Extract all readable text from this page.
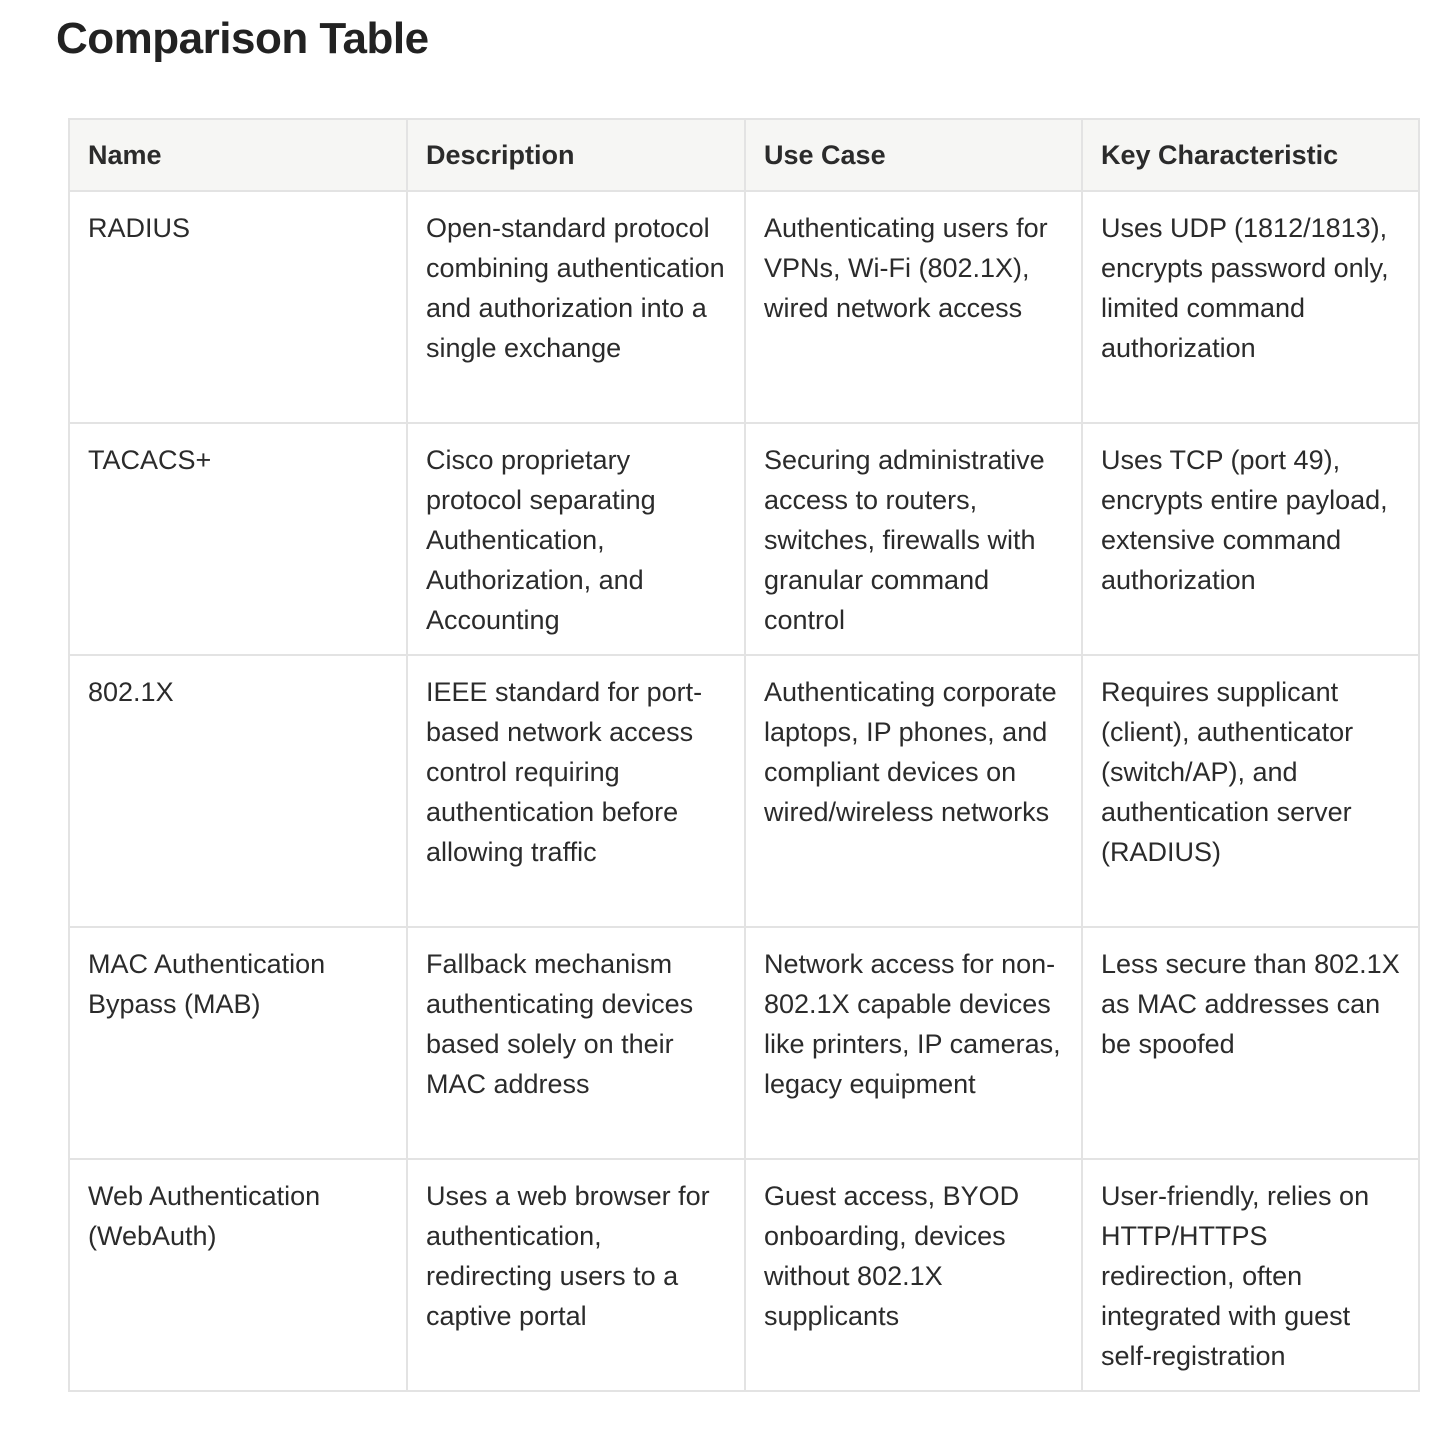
Comparison Table
Name	Description	Use Case	Key Characteristic
RADIUS	Open-standard protocol combining authentication and authorization into a single exchange	Authenticating users for VPNs, Wi-Fi (802.1X), wired network access	Uses UDP (1812/1813), encrypts password only, limited command authorization
TACACS+	Cisco proprietary protocol separating Authentication, Authorization, and Accounting	Securing administrative access to routers, switches, firewalls with granular command control	Uses TCP (port 49), encrypts entire payload, extensive command authorization
802.1X	IEEE standard for port-based network access control requiring authentication before allowing traffic	Authenticating corporate laptops, IP phones, and compliant devices on wired/wireless networks	Requires supplicant (client), authenticator (switch/AP), and authentication server (RADIUS)
MAC Authentication Bypass (MAB)	Fallback mechanism authenticating devices based solely on their MAC address	Network access for non-802.1X capable devices like printers, IP cameras, legacy equipment	Less secure than 802.1X as MAC addresses can be spoofed
Web Authentication (WebAuth)	Uses a web browser for authentication, redirecting users to a captive portal	Guest access, BYOD onboarding, devices without 802.1X supplicants	User-friendly, relies on HTTP/HTTPS redirection, often integrated with guest self-registration
